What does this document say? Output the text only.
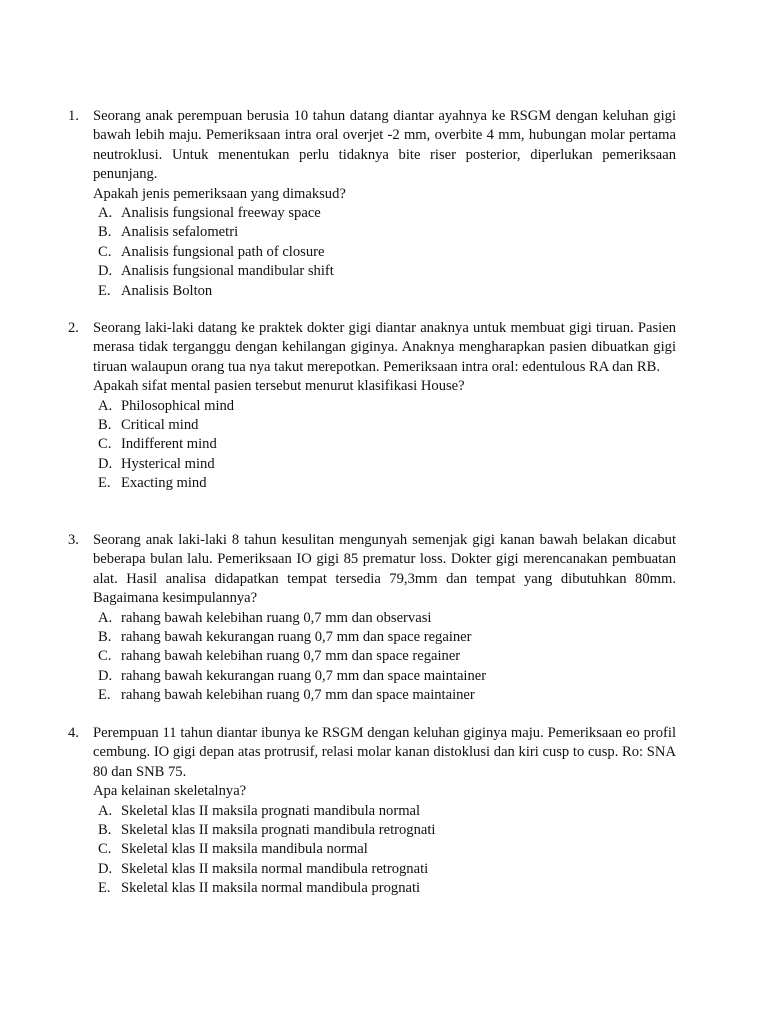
1. Seorang anak perempuan berusia 10 tahun datang diantar ayahnya ke RSGM dengan keluhan gigi bawah lebih maju. Pemeriksaan intra oral overjet -2 mm, overbite 4 mm, hubungan molar pertama neutroklusi. Untuk menentukan perlu tidaknya bite riser posterior, diperlukan pemeriksaan penunjang.
Apakah jenis pemeriksaan yang dimaksud?
A. Analisis fungsional freeway space
B. Analisis sefalometri
C. Analisis fungsional path of closure
D. Analisis fungsional mandibular shift
E. Analisis Bolton
2. Seorang laki-laki datang ke praktek dokter gigi diantar anaknya untuk membuat gigi tiruan. Pasien merasa tidak terganggu dengan kehilangan giginya. Anaknya mengharapkan pasien dibuatkan gigi tiruan walaupun orang tua nya takut merepotkan. Pemeriksaan intra oral: edentulous RA dan RB.
Apakah sifat mental pasien tersebut menurut klasifikasi House?
A. Philosophical mind
B. Critical mind
C. Indifferent mind
D. Hysterical mind
E. Exacting mind
3. Seorang anak laki-laki 8 tahun kesulitan mengunyah semenjak gigi kanan bawah belakan dicabut beberapa bulan lalu. Pemeriksaan IO gigi 85 prematur loss. Dokter gigi merencanakan pembuatan alat. Hasil analisa didapatkan tempat tersedia 79,3mm dan tempat yang dibutuhkan 80mm. Bagaimana kesimpulannya?
A. rahang bawah kelebihan ruang 0,7 mm dan observasi
B. rahang bawah kekurangan ruang 0,7 mm dan space regainer
C. rahang bawah kelebihan ruang 0,7 mm dan space regainer
D. rahang bawah kekurangan ruang 0,7 mm dan space maintainer
E. rahang bawah kelebihan ruang 0,7 mm dan space maintainer
4. Perempuan 11 tahun diantar ibunya ke RSGM dengan keluhan giginya maju. Pemeriksaan eo profil cembung. IO gigi depan atas protrusif, relasi molar kanan distoklusi dan kiri cusp to cusp. Ro: SNA 80 dan SNB 75.
Apa kelainan skeletalnya?
A. Skeletal klas II maksila prognati mandibula normal
B. Skeletal klas II maksila prognati mandibula retrognati
C. Skeletal klas II maksila mandibula normal
D. Skeletal klas II maksila normal mandibula retrognati
E. Skeletal klas II maksila normal mandibula prognati
